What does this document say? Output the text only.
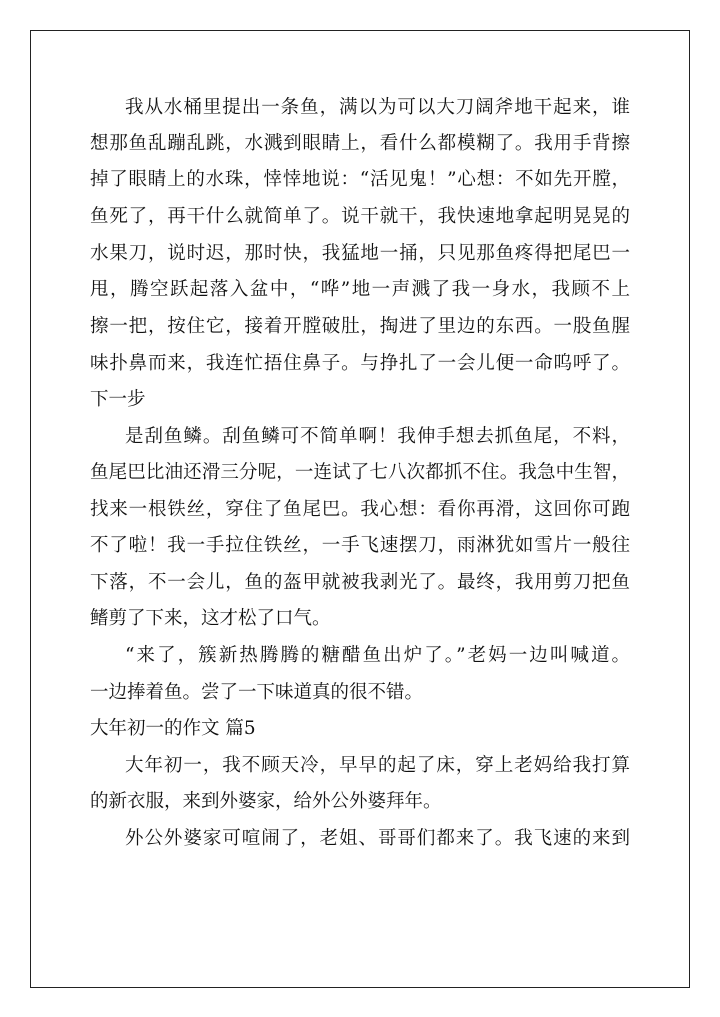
我从水桶里提出一条鱼，满以为可以大刀阔斧地干起来，谁
想那鱼乱蹦乱跳，水溅到眼睛上，看什么都模糊了。我用手背擦
掉了眼睛上的水珠，悻悻地说：“活见鬼！”心想：不如先开膛，
鱼死了，再干什么就简单了。说干就干，我快速地拿起明晃晃的
水果刀，说时迟，那时快，我猛地一捅，只见那鱼疼得把尾巴一
甩，腾空跃起落入盆中，“哗”地一声溅了我一身水，我顾不上
擦一把，按住它，接着开膛破肚，掏进了里边的东西。一股鱼腥
味扑鼻而来，我连忙捂住鼻子。与挣扎了一会儿便一命呜呼了。
下一步
是刮鱼鳞。刮鱼鳞可不简单啊！我伸手想去抓鱼尾，不料，
鱼尾巴比油还滑三分呢，一连试了七八次都抓不住。我急中生智，
找来一根铁丝，穿住了鱼尾巴。我心想：看你再滑，这回你可跑
不了啦！我一手拉住铁丝，一手飞速摆刀，雨淋犹如雪片一般往
下落，不一会儿，鱼的盔甲就被我剥光了。最终，我用剪刀把鱼
鳍剪了下来，这才松了口气。
“来了，簇新热腾腾的糖醋鱼出炉了。”老妈一边叫喊道。
一边捧着鱼。尝了一下味道真的很不错。
大年初一的作文 篇5
大年初一，我不顾天冷，早早的起了床，穿上老妈给我打算
的新衣服，来到外婆家，给外公外婆拜年。
外公外婆家可喧闹了，老姐、哥哥们都来了。我飞速的来到
